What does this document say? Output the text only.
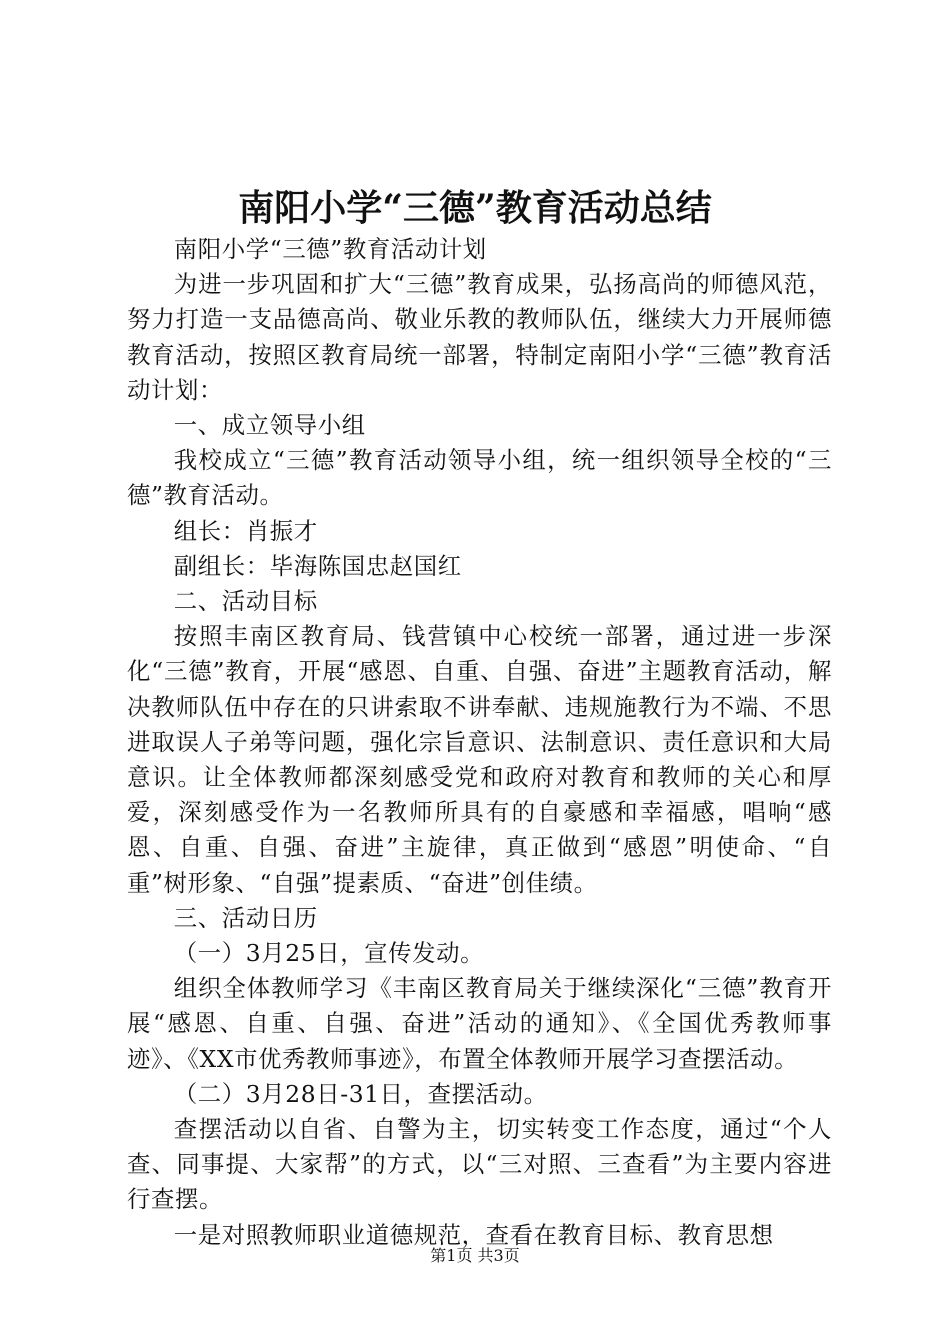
南阳小学“三德”教育活动总结

南阳小学“三德”教育活动计划

为进一步巩固和扩大“三德”教育成果，弘扬高尚的师德风范，努力打造一支品德高尚、敬业乐教的教师队伍，继续大力开展师德教育活动，按照区教育局统一部署，特制定南阳小学“三德”教育活动计划：

一、成立领导小组

我校成立“三德”教育活动领导小组，统一组织领导全校的“三德”教育活动。

组长：肖振才

副组长：毕海陈国忠赵国红

二、活动目标

按照丰南区教育局、钱营镇中心校统一部署，通过进一步深化“三德”教育，开展“感恩、自重、自强、奋进”主题教育活动，解决教师队伍中存在的只讲索取不讲奉献、违规施教行为不端、不思进取误人子弟等问题，强化宗旨意识、法制意识、责任意识和大局意识。让全体教师都深刻感受党和政府对教育和教师的关心和厚爱，深刻感受作为一名教师所具有的自豪感和幸福感，唱响“感恩、自重、自强、奋进”主旋律，真正做到“感恩”明使命、“自重”树形象、“自强”提素质、“奋进”创佳绩。

三、活动日历

（一）3月25日，宣传发动。

组织全体教师学习《丰南区教育局关于继续深化“三德”教育开展“感恩、自重、自强、奋进”活动的通知》、《全国优秀教师事迹》、《XX市优秀教师事迹》，布置全体教师开展学习查摆活动。

（二）3月28日-31日，查摆活动。

查摆活动以自省、自警为主，切实转变工作态度，通过“个人查、同事提、大家帮”的方式，以“三对照、三查看”为主要内容进行查摆。

一是对照教师职业道德规范，查看在教育目标、教育思想

第1页 共3页
